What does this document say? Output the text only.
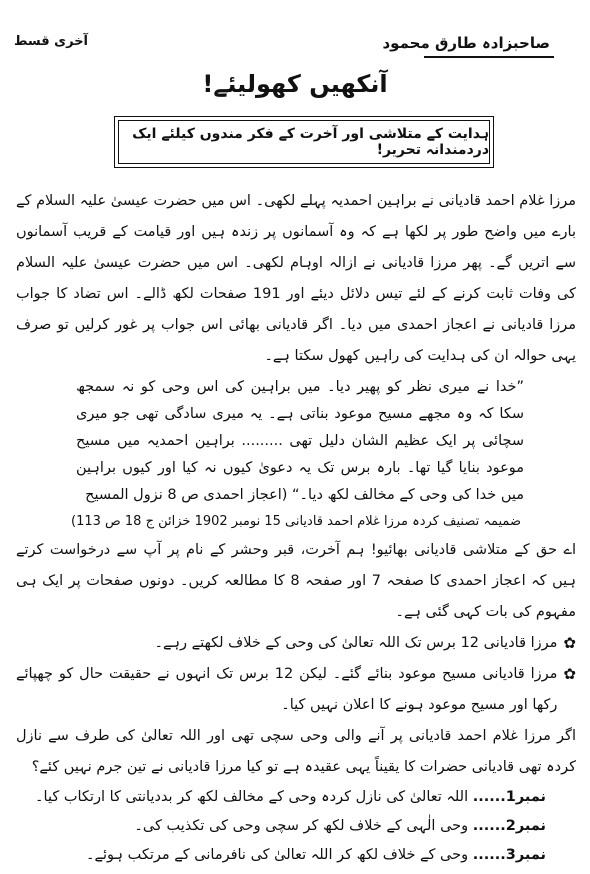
صاحبزادہ طارق محمود
آخری قسط
آنکھیں کھولیئے!
ہدایت کے متلاشی اور آخرت کے فکر مندوں کیلئے ایک دردمندانہ تحریر!

مرزا غلام احمد قادیانی نے براہین احمدیہ پہلے لکھی۔ اس میں حضرت عیسیٰ علیہ السلام کے بارے میں واضح طور پر لکھا ہے کہ وہ آسمانوں پر زندہ ہیں اور قیامت کے قریب آسمانوں سے اتریں گے۔ پھر مرزا قادیانی نے ازالہ اوہام لکھی۔ اس میں حضرت عیسیٰ علیہ السلام کی وفات ثابت کرنے کے لئے تیس دلائل دیئے اور 191 صفحات لکھ ڈالے۔ اس تضاد کا جواب مرزا قادیانی نے اعجاز احمدی میں دیا۔ اگر قادیانی بھائی اس جواب پر غور کرلیں تو صرف یہی حوالہ ان کی ہدایت کی راہیں کھول سکتا ہے۔

”خدا نے میری نظر کو پھیر دیا۔ میں براہین کی اس وحی کو نہ سمجھ سکا کہ وہ مجھے مسیح موعود بناتی ہے۔ یہ میری سادگی تھی جو میری سچائی پر ایک عظیم الشان دلیل تھی ......... براہین احمدیہ میں مسیح موعود بنایا گیا تھا۔ بارہ برس تک یہ دعویٰ کیوں نہ کیا اور کیوں براہین میں خدا کی وحی کے مخالف لکھ دیا۔“ (اعجاز احمدی ص 8 نزول المسیح

ضمیمہ تصنیف کردہ مرزا غلام احمد قادیانی 15 نومبر 1902 خزائن ج 18 ص 113)

اے حق کے متلاشی قادیانی بھائیو! ہم آخرت، قبر وحشر کے نام پر آپ سے درخواست کرتے ہیں کہ اعجاز احمدی کا صفحہ 7 اور صفحہ 8 کا مطالعہ کریں۔ دونوں صفحات پر ایک ہی مفہوم کی بات کہی گئی ہے۔

✿

مرزا قادیانی 12 برس تک اللہ تعالیٰ کی وحی کے خلاف لکھتے رہے۔

✿

مرزا قادیانی مسیح موعود بنائے گئے۔ لیکن 12 برس تک انہوں نے حقیقت حال کو چھپائے رکھا اور مسیح موعود ہونے کا اعلان نہیں کیا۔

اگر مرزا غلام احمد قادیانی پر آنے والی وحی سچی تھی اور اللہ تعالیٰ کی طرف سے نازل کردہ تھی قادیانی حضرات کا یقیناً یہی عقیدہ ہے تو کیا مرزا قادیانی نے تین جرم نہیں کئے؟

نمبر1...... اللہ تعالیٰ کی نازل کردہ وحی کے مخالف لکھ کر بددیانتی کا ارتکاب کیا۔

نمبر2...... وحی الٰہی کے خلاف لکھ کر سچی وحی کی تکذیب کی۔

نمبر3...... وحی کے خلاف لکھ کر اللہ تعالیٰ کی نافرمانی کے مرتکب ہوئے۔
